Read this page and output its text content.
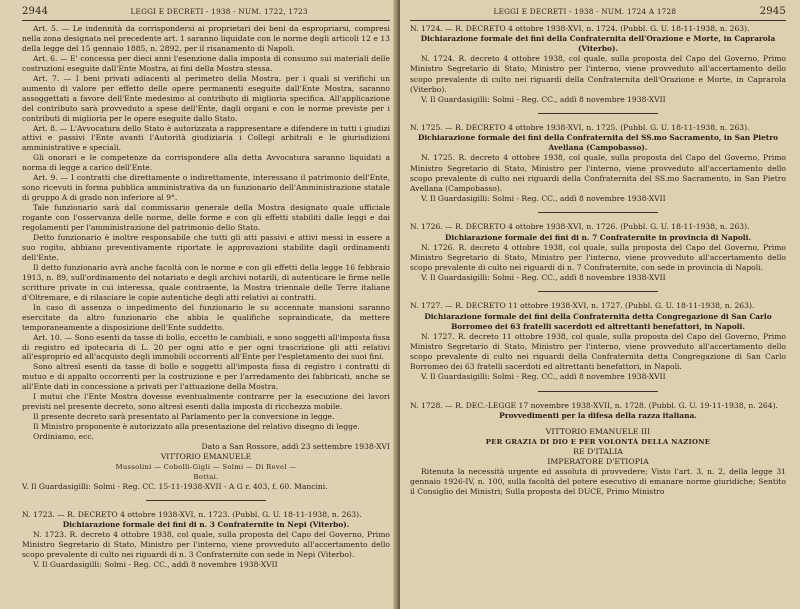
2944	LEGGI E DECRETI - 1938 - NUM. 1722, 1723

Art. 5. — Le indennità da corrispondersi ai proprietari dei beni da espropriarsi, compresi nella zona designata nel precedente art. 1 saranno liquidate con le norme degli articoli 12 e 13 della legge del 15 gennaio 1885, n. 2892, per il risanamento di Napoli.

Art. 6. — E' concessa per dieci anni l'esenzione dalla imposta di consumo sui materiali delle costruzioni eseguite dall'Ente Mostra, ai fini della Mostra stessa.

Art. 7. — I beni privati adiacenti al perimetro della Mostra, per i quali si verifichi un aumento di valore per effetto delle opere permanenti eseguite dall'Ente Mostra, saranno assoggettati a favore dell'Ente medesimo al contributo di miglioria specifica. All'applicazione del contributo sarà provveduto a spese dell'Ente, dagli organi e con le norme previste per i contributi di miglioria per le opere eseguite dallo Stato.

Art. 8. — L'Avvocatura dello Stato è autorizzata a rappresentare e difendere in tutti i giudizi attivi e passivi l'Ente avanti l'Autorità giudiziaria i Collegi arbitrali e le giurisdizioni amministrative e speciali.

Gli onorari e le competenze da corrispondere alla detta Avvocatura saranno liquidati a norma di legge a carico dell'Ente.

Art. 9. — I contratti che direttamente o indirettamente, interessano il patrimonio dell'Ente, sono ricevuti in forma pubblica amministrativa da un funzionario dell'Amministrazione statale di gruppo A di grado non inferiore al 9°.

Tale funzionario sarà dal commissario generale della Mostra designato quale ufficiale rogante con l'osservanza delle norme, delle forme e con gli effetti stabiliti dalle leggi e dai regolamenti per l'amministrazione del patrimonio dello Stato.

Detto funzionario è inoltre responsabile che tutti gli atti passivi e attivi messi in essere a suo rogito, abbiano preventivamente riportate le approvazioni stabilite dagli ordinamenti dell'Ente.

Il detto funzionario avrà anche facoltà con le norme e con gli effetti della legge 16 febbraio 1913, n. 89, sull'ordinamento del notariato e degli archivi notarili, di autenticare le firme nelle scritture private in cui interessa, quale contraente, la Mostra triennale delle Terre italiane d'Oltremare, e di rilasciare le copie autentiche degli atti relativi ai contratti.

In caso di assenza o impedimento del funzionario le su accennate mansioni saranno esercitate da altro funzionario che abbia le qualifiche sopraindicate, da mettere temporaneamente a disposizione dell'Ente suddetto.

Art. 10. — Sono esenti da tasse di bollo, eccetto le cambiali, e sono soggetti all'imposta fissa di registro ed ipotecaria di L. 20 per ogni atto e per ogni trascrizione gli atti relativi all'esproprio ed all'acquisto degli immobili occorrenti all'Ente per l'espletamento dei suoi fini.

Sono altresì esenti da tasse di bollo e soggetti all'imposta fissa di registro i contratti di mutuo e di appalto occorrenti per la costruzione e per l'arredamento dei fabbricati, anche se all'Ente dati in concessione a privati per l'attuazione della Mostra.

I mutui che l'Ente Mostra dovesse eventualmente contrarre per la esecuzione dei lavori previsti nel presente decreto, sono altresì esenti dalla imposta di ricchezza mobile.

Il presente decreto sarà presentato al Parlamento per la conversione in legge.

Il Ministro proponente è autorizzato alla presentazione del relativo disegno di legge.

Ordiniamo, ecc.

Dato a San Rossore, addì 23 settembre 1938-XVI

VITTORIO EMANUELE
Mussolini — Cobolli-Gigli — Solmi — Di Revel —
Bottai.

V. Il Guardasigilli: Solmi - Reg. CC. 15-11-1938-XVII - A G r. 403, f. 60. Mancini.

N. 1723. — R. DECRETO 4 ottobre 1938-XVI, n. 1723. (Pubbl. G. U. 18-11-1938, n. 263).

Dichiarazione formale dei fini di n. 3 Confraternite in Nepi (Viterbo).

N. 1723. R. decreto 4 ottobre 1938, col quale, sulla proposta del Capo del Governo, Primo Ministro Segretario di Stato, Ministro per l'interno, viene provveduto all'accertamento dello scopo prevalente di culto nei riguardi di n. 3 Confraternite con sede in Nepi (Viterbo).

V. Il Guardasigilli: Solmi - Reg. CC., addì 8 novembre 1938-XVII

LEGGI E DECRETI - 1938 - NUM. 1724 A 1728	2945

N. 1724. — R. DECRETO 4 ottobre 1938-XVI, n. 1724. (Pubbl. G. U. 18-11-1938, n. 263).

Dichiarazione formale dei fini della Confraternita dell'Orazione e Morte, in Caprarola (Viterbo).

N. 1724. R. decreto 4 ottobre 1938, col quale, sulla proposta del Capo del Governo, Primo Ministro Segretario di Stato, Ministro per l'interno, viene provveduto all'accertamento dello scopo prevalente di culto nei riguardi della Confraternita dell'Orazione e Morte, in Caprarola (Viterbo).

V. Il Guardasigilli: Solmi - Reg. CC., addì 8 novembre 1938-XVII

N. 1725. — R. DECRETO 4 ottobre 1938-XVI, n. 1725. (Pubbl. G. U. 18-11-1938, n. 263).

Dichiarazione formale dei fini della Confraternita del SS.mo Sacramento, in San Pietro Avellana (Campobasso).

N. 1725. R. decreto 4 ottobre 1938, col quale, sulla proposta del Capo del Governo, Primo Ministro Segretario di Stato, Ministro per l'interno, viene provveduto all'accertamento dello scopo prevalente di culto nei riguardi della Confraternita del SS.mo Sacramento, in San Pietro Avellana (Campobasso).

V. Il Guardasigilli: Solmi - Reg. CC., addì 8 novembre 1938-XVII

N. 1726. — R. DECRETO 4 ottobre 1938-XVI, n. 1726. (Pubbl. G. U. 18-11-1938, n. 263).

Dichiarazione formale dei fini di n. 7 Confraternite in provincia di Napoli.

N. 1726. R. decreto 4 ottobre 1938, col quale, sulla proposta del Capo del Governo, Primo Ministro Segretario di Stato, Ministro per l'interno, viene provveduto all'accertamento dello scopo prevalente di culto nei riguardi di n. 7 Confraternite, con sede in provincia di Napoli.

V. Il Guardasigilli: Solmi - Reg. CC., addì 8 novembre 1938-XVII

N. 1727. — R. DECRETO 11 ottobre 1938-XVI, n. 1727. (Pubbl. G. U. 18-11-1938, n. 263).

Dichiarazione formale dei fini della Confraternita detta Congregazione di San Carlo Borromeo dei 63 fratelli sacerdoti ed altrettanti benefattori, in Napoli.

N. 1727. R. decreto 11 ottobre 1938, col quale, sulla proposta del Capo del Governo, Primo Ministro Segretario di Stato, Ministro per l'interno, viene provveduto all'accertamento dello scopo prevalente di culto nei riguardi della Confraternita detta Congregazione di San Carlo Borromeo dei 63 fratelli sacerdoti ed altrettanti benefattori, in Napoli.

V. Il Guardasigilli: Solmi - Reg. CC., addì 8 novembre 1938-XVII

N. 1728. — R. DEC.-LEGGE 17 novembre 1938-XVII, n. 1728. (Pubbl. G. U. 19-11-1938, n. 264).

Provvedimenti per la difesa della razza italiana.
VITTORIO EMANUELE III
PER GRAZIA DI DIO E PER VOLONTÀ DELLA NAZIONE
RE D'ITALIA
IMPERATORE D'ETIOPIA

Ritenuta la necessità urgente ed assoluta di provvedere; Visto l'art. 3, n. 2, della legge 31 gennaio 1926-IV, n. 100, sulla facoltà del potere esecutivo di emanare norme giuridiche; Sentito il Consiglio dei Ministri; Sulla proposta del DUCE, Primo Ministro
